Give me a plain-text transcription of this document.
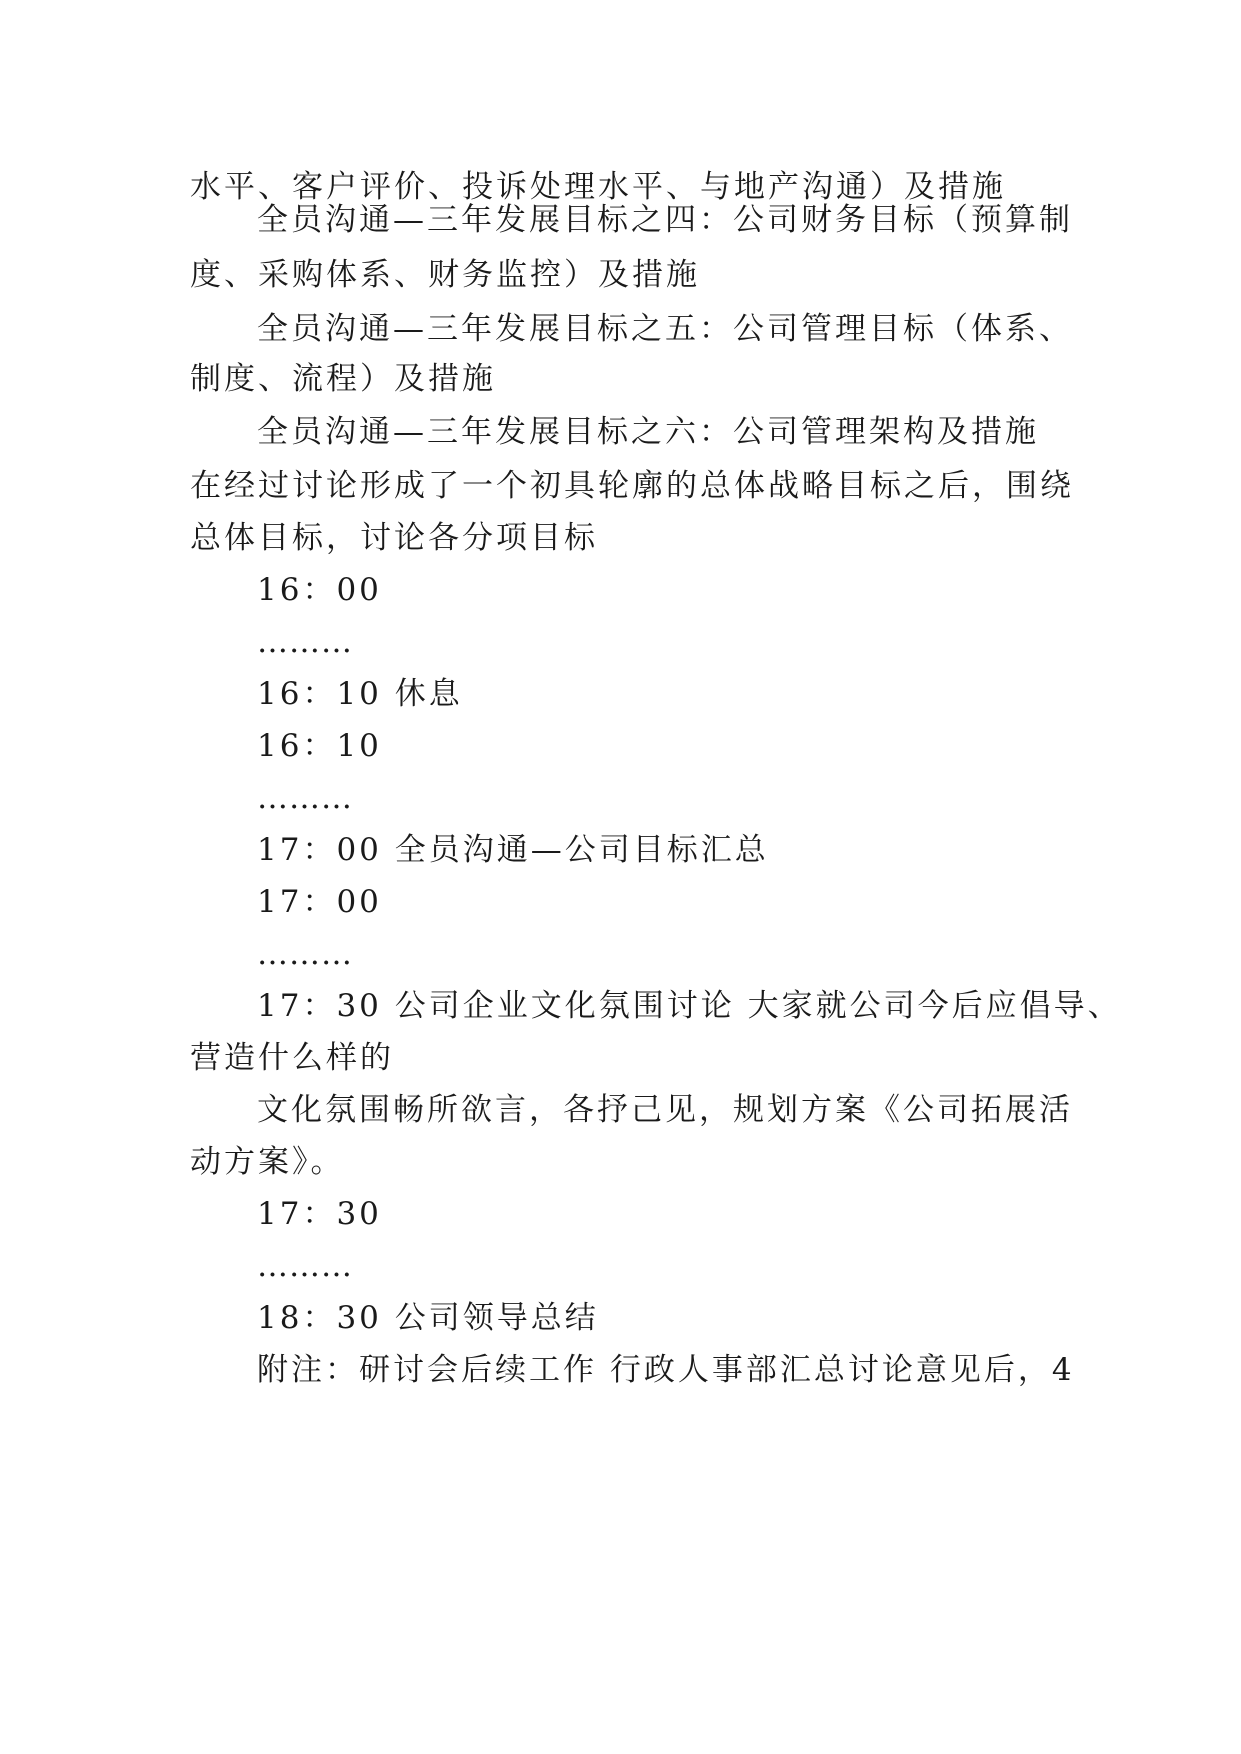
水平、客户评价、投诉处理水平、与地产沟通）及措施
全员沟通—三年发展目标之四：公司财务目标（预算制
度、采购体系、财务监控）及措施
全员沟通—三年发展目标之五：公司管理目标（体系、
制度、流程）及措施
全员沟通—三年发展目标之六：公司管理架构及措施
在经过讨论形成了一个初具轮廓的总体战略目标之后，围绕
总体目标，讨论各分项目标
16：00
………
16：10 休息
16：10
………
17：00 全员沟通—公司目标汇总
17：00
………
17：30 公司企业文化氛围讨论 大家就公司今后应倡导、
营造什么样的
文化氛围畅所欲言，各抒己见，规划方案《公司拓展活
动方案》。
17：30
………
18：30 公司领导总结
附注：研讨会后续工作 行政人事部汇总讨论意见后，4
